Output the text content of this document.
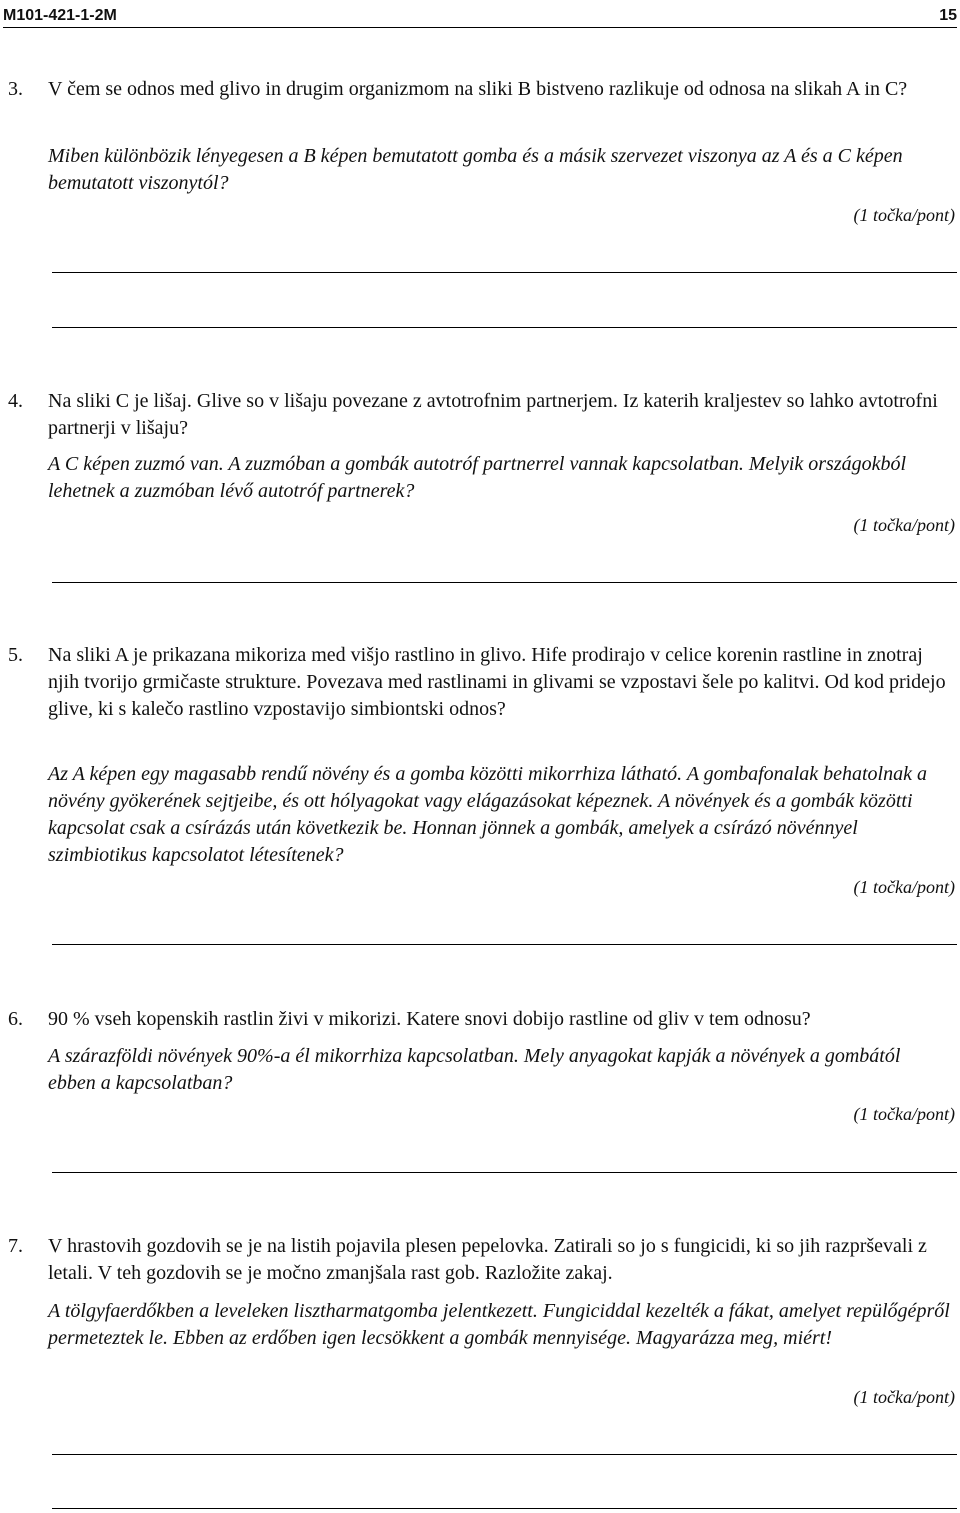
M101-421-1-2M	15
3. V čem se odnos med glivo in drugim organizmom na sliki B bistveno razlikuje od odnosa na slikah A in C?
Miben különbözik lényegesen a B képen bemutatott gomba és a másik szervezet viszonya az A és a C képen bemutatott viszonytól?
(1 točka/pont)
4. Na sliki C je lišaj. Glive so v lišaju povezane z avtotrofnim partnerjem. Iz katerih kraljestev so lahko avtotrofni partnerji v lišaju?
A C képen zuzmó van. A zuzmóban a gombák autotróf partnerrel vannak kapcsolatban. Melyik országokból lehetnek a zuzmóban lévő autotróf partnerek?
(1 točka/pont)
5. Na sliki A je prikazana mikoriza med višjo rastlino in glivo. Hife prodirajo v celice korenin rastline in znotraj njih tvorijo grmičaste strukture. Povezava med rastlinami in glivami se vzpostavi šele po kalitvi. Od kod pridejo glive, ki s kalečo rastlino vzpostavijo simbiontski odnos?
Az A képen egy magasabb rendű növény és a gomba közötti mikorrhiza látható. A gombafonalak behatolnak a növény gyökerének sejtjeibe, és ott hólyagokat vagy elágazásokat képeznek. A növények és a gombák közötti kapcsolat csak a csírázás után következik be. Honnan jönnek a gombák, amelyek a csírázó növénnyel szimbiotikus kapcsolatot létesítenek?
(1 točka/pont)
6. 90 % vseh kopenskih rastlin živi v mikorizi. Katere snovi dobijo rastline od gliv v tem odnosu?
A szárazföldi növények 90%-a él mikorrhiza kapcsolatban. Mely anyagokat kapják a növények a gombától ebben a kapcsolatban?
(1 točka/pont)
7. V hrastovih gozdovih se je na listih pojavila plesen pepelovka. Zatirali so jo s fungicidi, ki so jih razprševali z letali. V teh gozdovih se je močno zmanjšala rast gob. Razložite zakaj.
A tölgyfaerdőkben a leveleken lisztharmatgomba jelentkezett. Fungiciddal kezelték a fákat, amelyet repülőgépről permeteztek le. Ebben az erdőben igen lecsökkent a gombák mennyisége. Magyarázza meg, miért!
(1 točka/pont)
